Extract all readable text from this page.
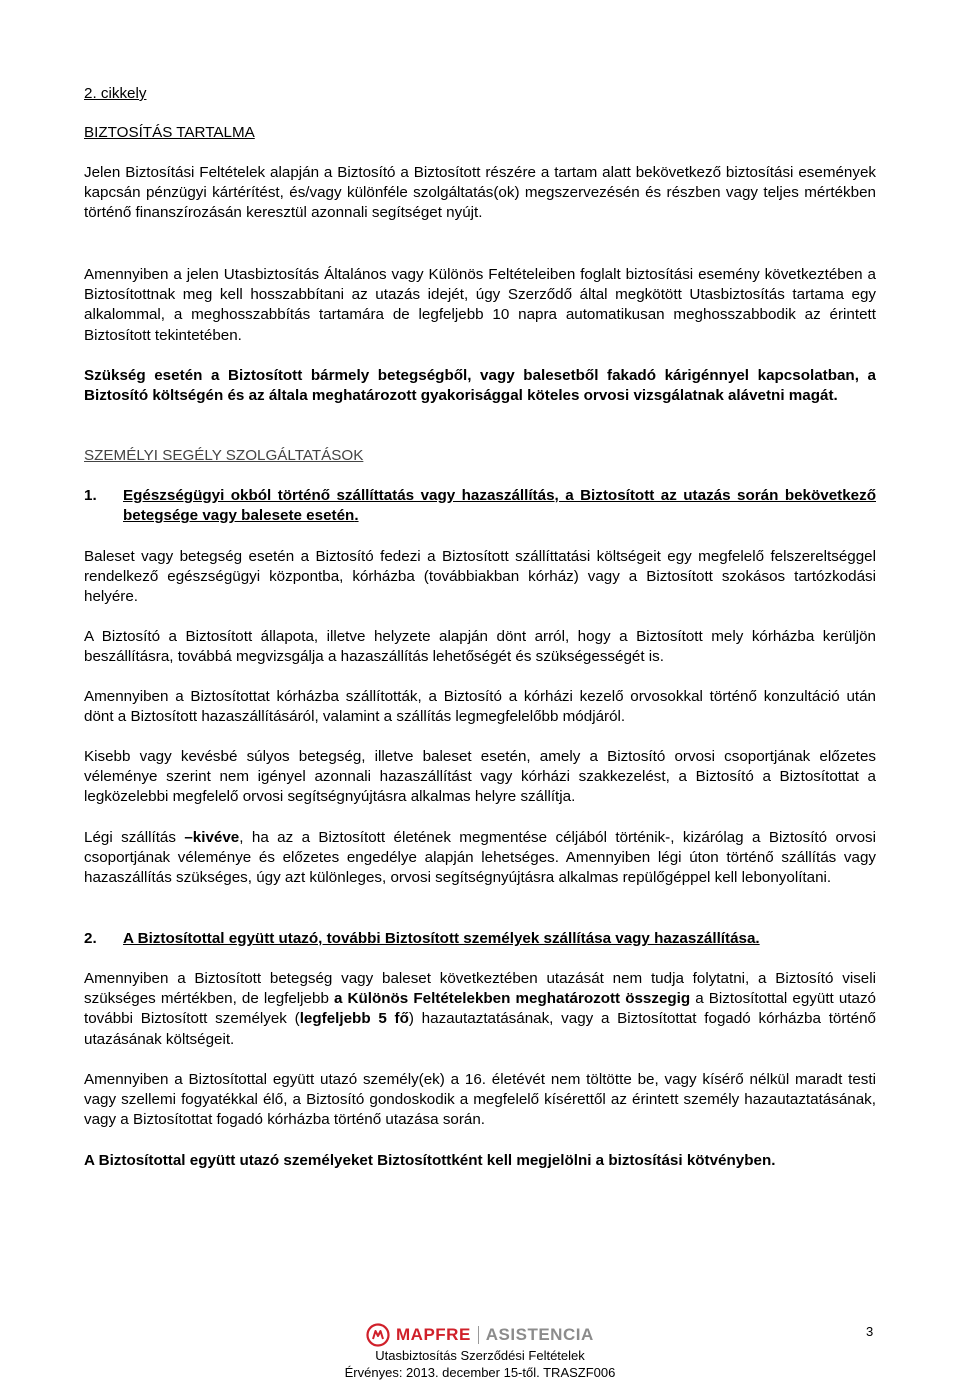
2. cikkely
BIZTOSÍTÁS TARTALMA
Jelen Biztosítási Feltételek alapján a Biztosító a Biztosított részére a tartam alatt bekövetkező biztosítási események kapcsán pénzügyi kártérítést, és/vagy különféle szolgáltatás(ok) megszervezésén és részben vagy teljes mértékben történő finanszírozásán keresztül azonnali segítséget nyújt.
Amennyiben a jelen Utasbiztosítás Általános vagy Különös Feltételeiben foglalt biztosítási esemény következtében a Biztosítottnak meg kell hosszabbítani az utazás idejét, úgy Szerződő által megkötött Utasbiztosítás tartama egy alkalommal, a meghosszabbítás tartamára de legfeljebb 10 napra automatikusan meghosszabbodik az érintett Biztosított tekintetében.
Szükség esetén a Biztosított bármely betegségből, vagy balesetből fakadó kárigénnyel kapcsolatban, a Biztosító költségén és az általa meghatározott gyakorisággal köteles orvosi vizsgálatnak alávetni magát.
SZEMÉLYI SEGÉLY SZOLGÁLTATÁSOK
1. Egészségügyi okból történő szállíttatás vagy hazaszállítás, a Biztosított az utazás során bekövetkező betegsége vagy balesete esetén.
Baleset vagy betegség esetén a Biztosító fedezi a Biztosított szállíttatási költségeit egy megfelelő felszereltséggel rendelkező egészségügyi központba, kórházba (továbbiakban kórház) vagy a Biztosított szokásos tartózkodási helyére.
A Biztosító a Biztosított állapota, illetve helyzete alapján dönt arról, hogy a Biztosított mely kórházba kerüljön beszállításra, továbbá megvizsgálja a hazaszállítás lehetőségét és szükségességét is.
Amennyiben a Biztosítottat kórházba szállították, a Biztosító a kórházi kezelő orvosokkal történő konzultáció után dönt a Biztosított hazaszállításáról, valamint a szállítás legmegfelelőbb módjáról.
Kisebb vagy kevésbé súlyos betegség, illetve baleset esetén, amely a Biztosító orvosi csoportjának előzetes véleménye szerint nem igényel azonnali hazaszállítást vagy kórházi szakkezelést, a Biztosító a Biztosítottat a legközelebbi megfelelő orvosi segítségnyújtásra alkalmas helyre szállítja.
Légi szállítás –kivéve, ha az a Biztosított életének megmentése céljából történik-, kizárólag a Biztosító orvosi csoportjának véleménye és előzetes engedélye alapján lehetséges. Amennyiben légi úton történő szállítás vagy hazaszállítás szükséges, úgy azt különleges, orvosi segítségnyújtásra alkalmas repülőgéppel kell lebonyolítani.
2. A Biztosítottal együtt utazó, további Biztosított személyek szállítása vagy hazaszállítása.
Amennyiben a Biztosított betegség vagy baleset következtében utazását nem tudja folytatni, a Biztosító viseli szükséges mértékben, de legfeljebb a Különös Feltételekben meghatározott összegig a Biztosítottal együtt utazó további Biztosított személyek (legfeljebb 5 fő) hazautaztatásának, vagy a Biztosítottat fogadó kórházba történő utazásának költségeit.
Amennyiben a Biztosítottal együtt utazó személy(ek) a 16. életévét nem töltötte be, vagy kísérő nélkül maradt testi vagy szellemi fogyatékkal élő, a Biztosító gondoskodik a megfelelő kísérettől az érintett személy hazautaztatásának, vagy a Biztosítottat fogadó kórházba történő utazása során.
A Biztosítottal együtt utazó személyeket Biztosítottként kell megjelölni a biztosítási kötvényben.
MAPFRE ASISTENCIA
Utasbiztosítás Szerződési Feltételek
Érvényes: 2013. december 15-től. TRASZF006
3
